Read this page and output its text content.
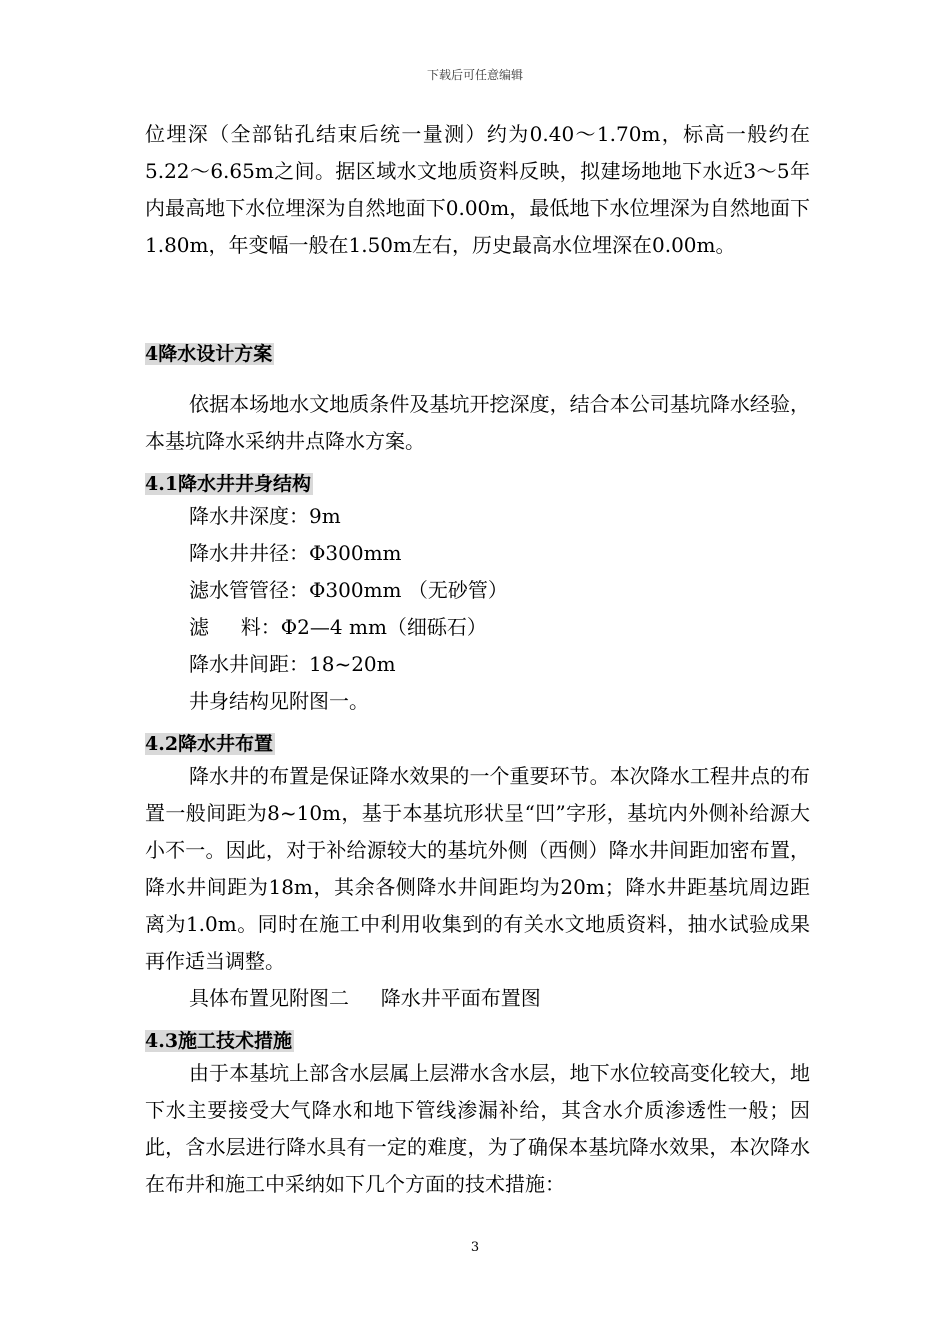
下载后可任意编辑

位埋深（全部钻孔结束后统一量测）约为0.40～1.70m，标高一般约在5.22～6.65m之间。据区域水文地质资料反映，拟建场地地下水近3～5年内最高地下水位埋深为自然地面下0.00m，最低地下水位埋深为自然地面下1.80m，年变幅一般在1.50m左右，历史最高水位埋深在0.00m。

4降水设计方案

依据本场地水文地质条件及基坑开挖深度，结合本公司基坑降水经验，本基坑降水采纳井点降水方案。

4.1降水井井身结构
降水井深度：9m
降水井井径：Φ300mm
滤水管管径：Φ300mm （无砂管）
滤     料：Φ2—4 mm（细砾石）
降水井间距：18~20m
井身结构见附图一。
4.2降水井布置

降水井的布置是保证降水效果的一个重要环节。本次降水工程井点的布置一般间距为8~10m，基于本基坑形状呈“凹”字形，基坑内外侧补给源大小不一。因此，对于补给源较大的基坑外侧（西侧）降水井间距加密布置，降水井间距为18m，其余各侧降水井间距均为20m；降水井距基坑周边距离为1.0m。同时在施工中利用收集到的有关水文地质资料，抽水试验成果再作适当调整。

具体布置见附图二     降水井平面布置图
4.3施工技术措施

由于本基坑上部含水层属上层滞水含水层，地下水位较高变化较大，地下水主要接受大气降水和地下管线渗漏补给，其含水介质渗透性一般；因此，含水层进行降水具有一定的难度，为了确保本基坑降水效果，本次降水在布井和施工中采纳如下几个方面的技术措施：

3
